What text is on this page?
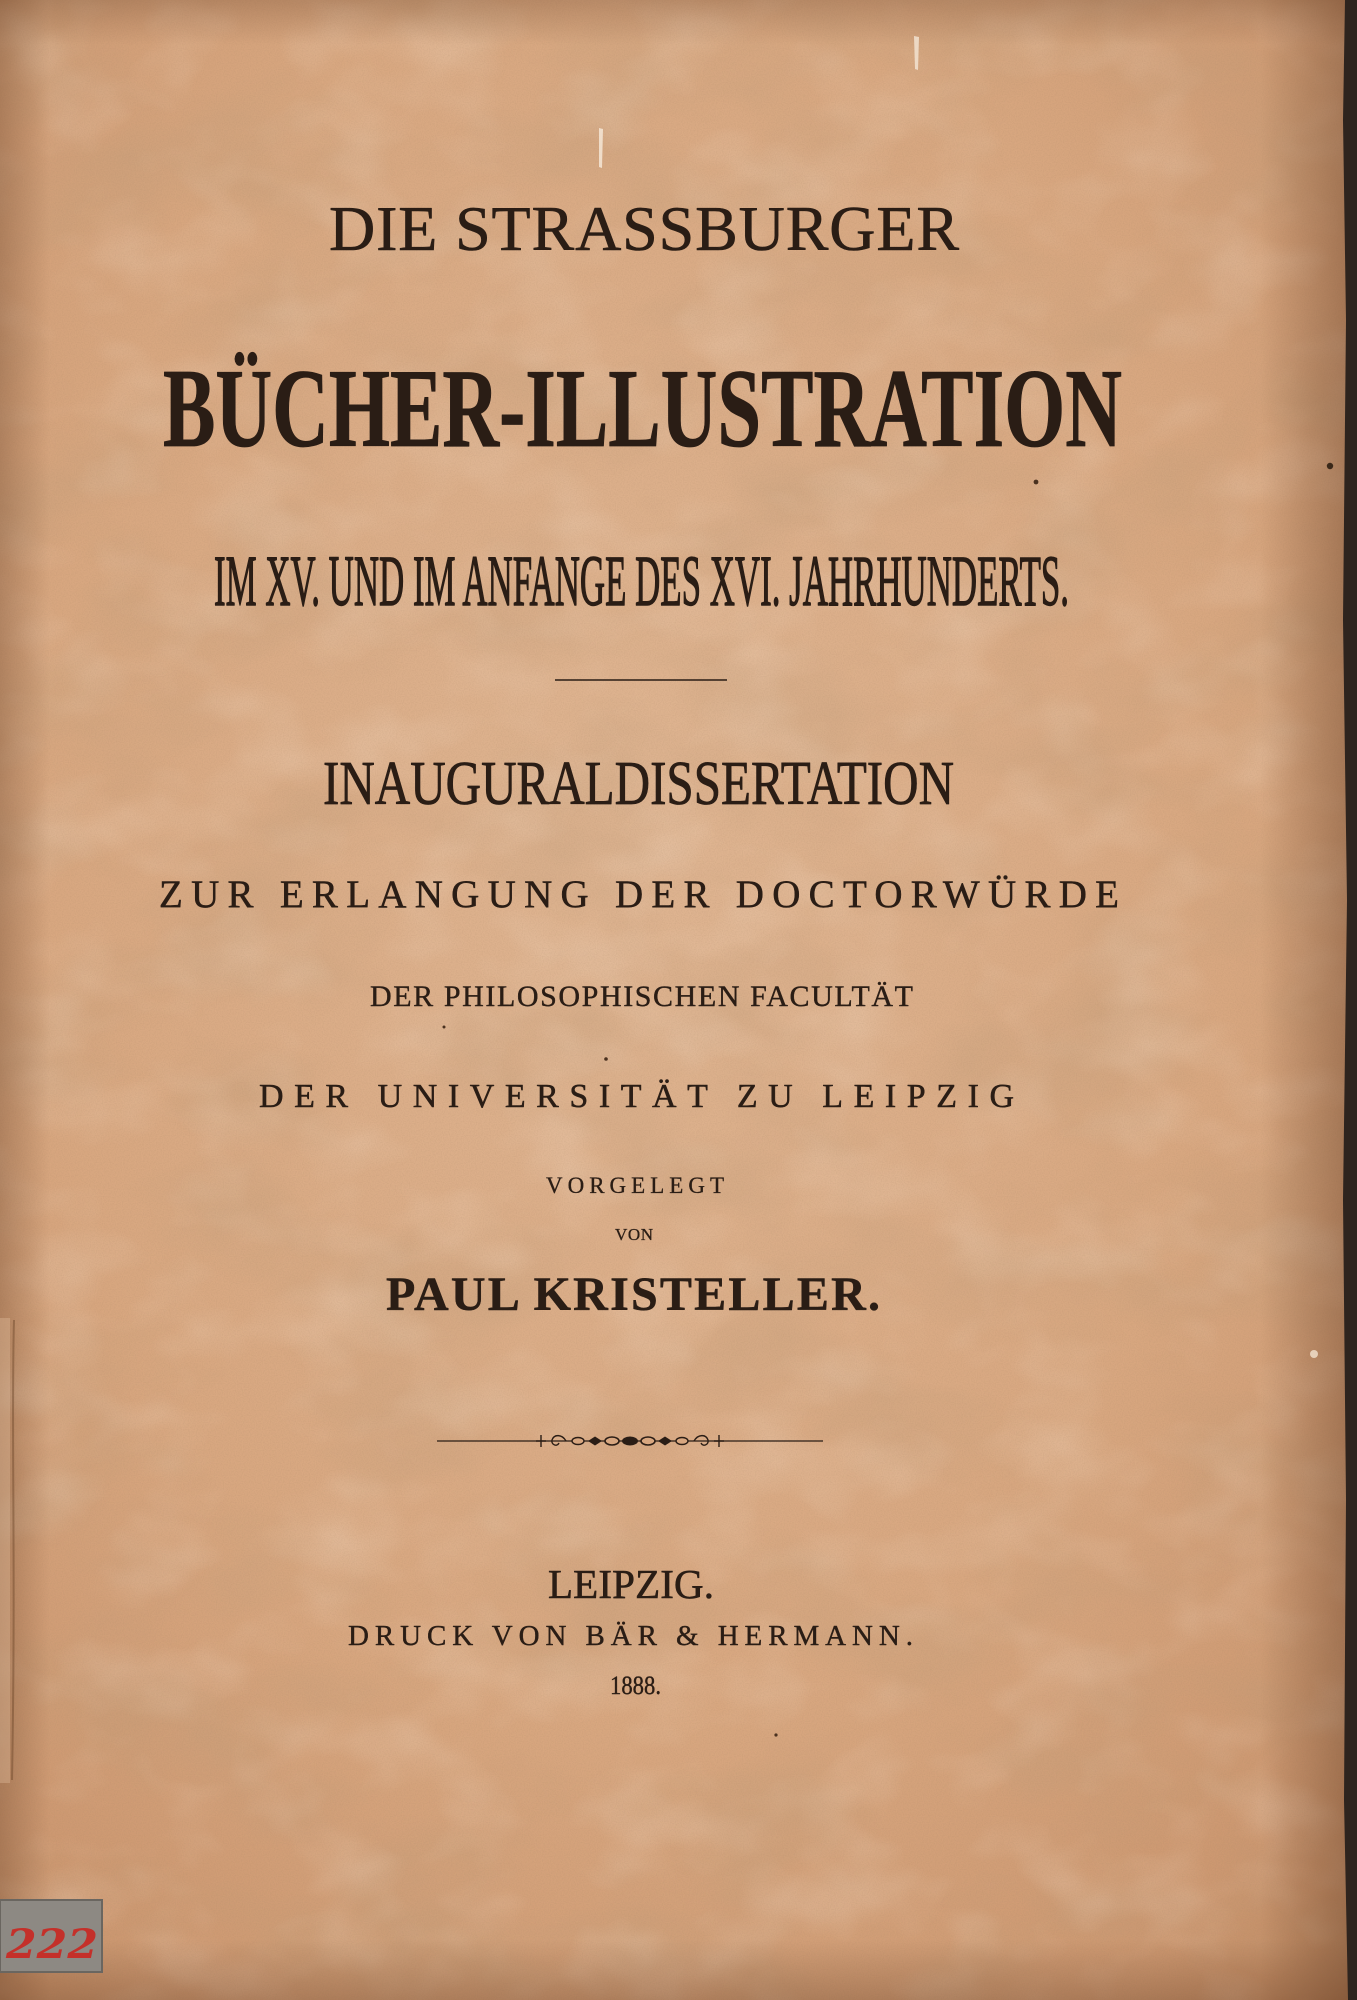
DIE STRASSBURGER
BÜCHER-ILLUSTRATION
IM XV. UND IM ANFANGE DES XVI. JAHRHUNDERTS.
INAUGURALDISSERTATION
ZUR ERLANGUNG DER DOCTORWÜRDE
DER PHILOSOPHISCHEN FACULTÄT
DER UNIVERSITÄT ZU LEIPZIG
VORGELEGT
VON
PAUL KRISTELLER.
LEIPZIG.
DRUCK VON BÄR & HERMANN.
1888.
222
